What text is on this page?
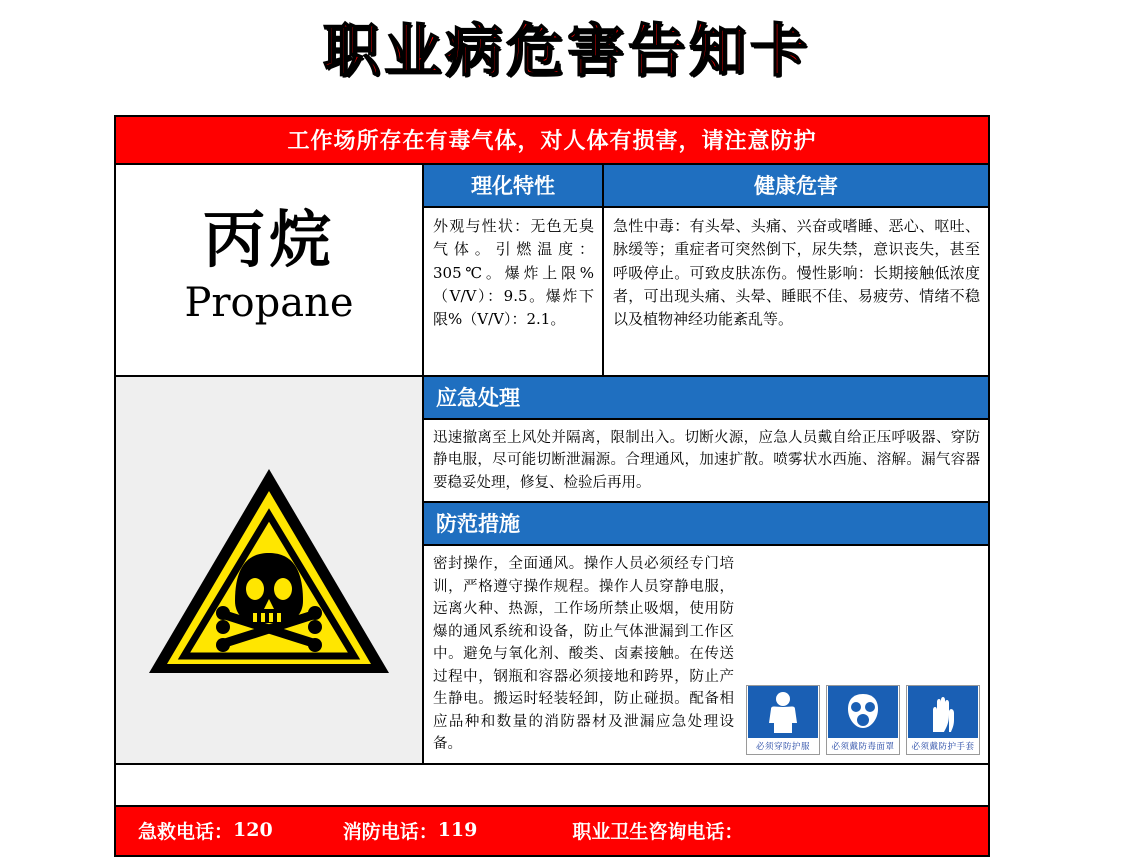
职业病危害告知卡
工作场所存在有毒气体，对人体有损害，请注意防护
丙烷
Propane
理化特性
外观与性状：无色无臭气体。引燃温度：305℃。爆炸上限%（V/V）：9.5。爆炸下限%（V/V）：2.1。
健康危害
急性中毒：有头晕、头痛、兴奋或嗜睡、恶心、呕吐、脉缓等；重症者可突然倒下，尿失禁，意识丧失，甚至呼吸停止。可致皮肤冻伤。慢性影响：长期接触低浓度者，可出现头痛、头晕、睡眠不佳、易疲劳、情绪不稳以及植物神经功能紊乱等。
应急处理
迅速撤离至上风处并隔离，限制出入。切断火源，应急人员戴自给正压呼吸器、穿防静电服，尽可能切断泄漏源。合理通风，加速扩散。喷雾状水西施、溶解。漏气容器要稳妥处理，修复、检验后再用。
防范措施
密封操作，全面通风。操作人员必须经专门培训，严格遵守操作规程。操作人员穿静电服，远离火种、热源，工作场所禁止吸烟，使用防爆的通风系统和设备，防止气体泄漏到工作区中。避免与氧化剂、酸类、卤素接触。在传送过程中，钢瓶和容器必须接地和跨界，防止产生静电。搬运时轻装轻卸，防止碰损。配备相应品种和数量的消防器材及泄漏应急处理设备。	必须穿防护服	必须戴防毒面罩 必须戴防护手套
急救电话： 120	消防电话： 119	职业卫生咨询电话：
